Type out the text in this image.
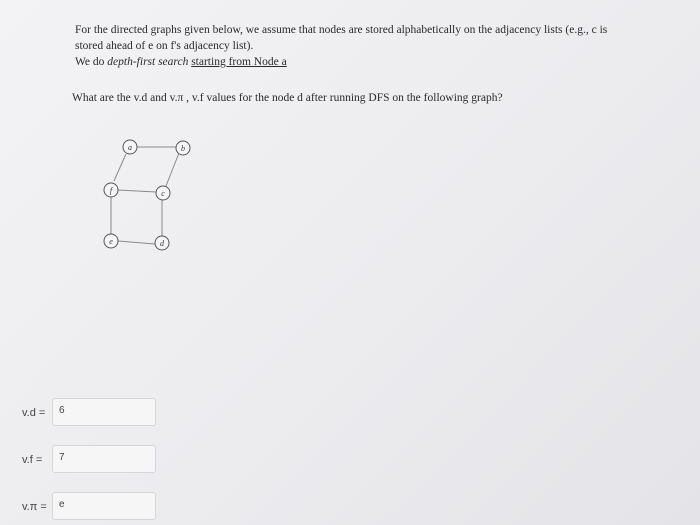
For the directed graphs given below, we assume that nodes are stored alphabetically on the adjacency lists (e.g., c is
stored ahead of e on f's adjacency list).
We do depth-first search starting from Node a
What are the v.d and v.π , v.f values for the node d after running DFS on the following graph?
a	b
f	c
e	d
v.d =	6
v.f =	7
v.π =	e
